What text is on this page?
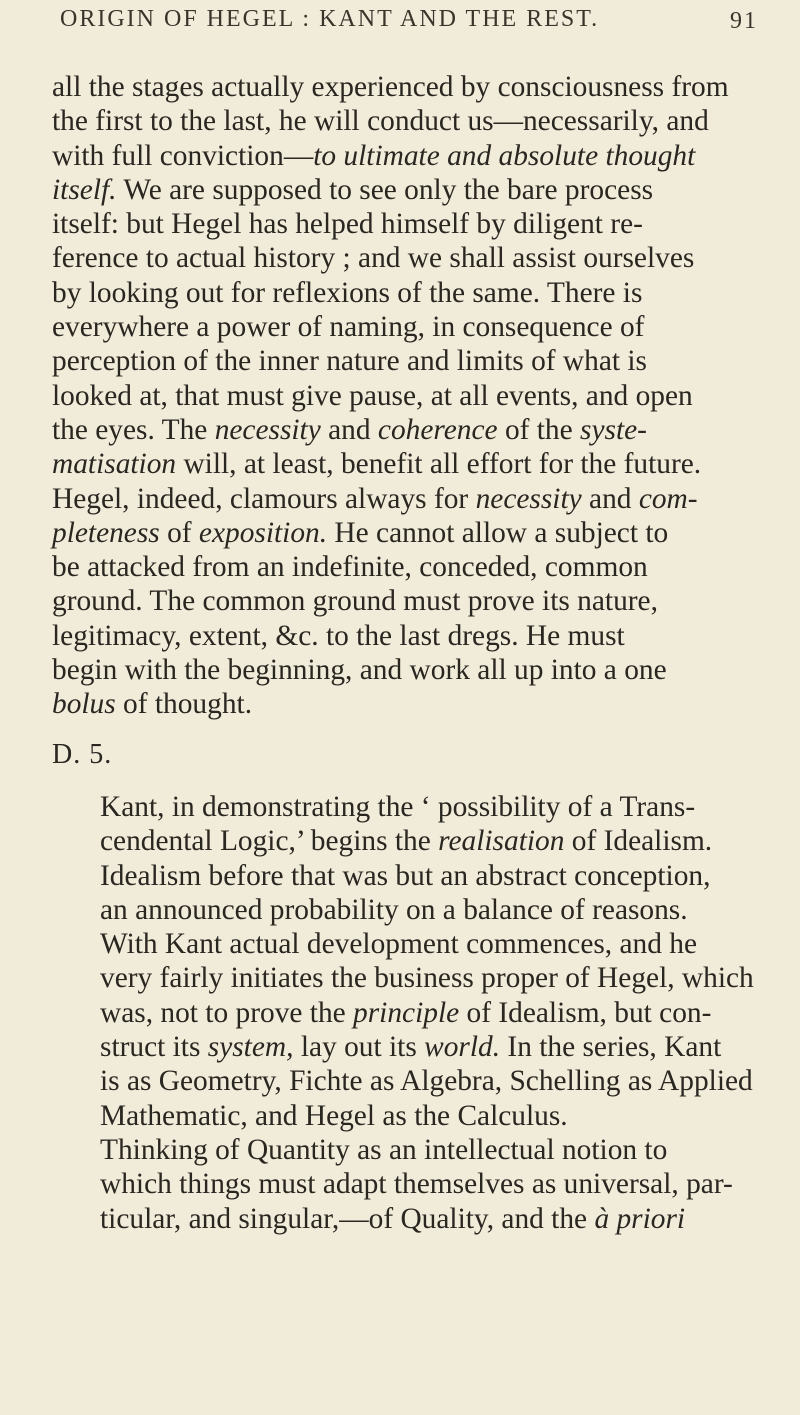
ORIGIN OF HEGEL : KANT AND THE REST.	91

all the stages actually experienced by consciousness from
the first to the last, he will conduct us—necessarily, and
with full conviction—to ultimate and absolute thought
itself. We are supposed to see only the bare process
itself: but Hegel has helped himself by diligent re-
ference to actual history ; and we shall assist ourselves
by looking out for reflexions of the same. There is
everywhere a power of naming, in consequence of
perception of the inner nature and limits of what is
looked at, that must give pause, at all events, and open
the eyes. The necessity and coherence of the syste-
matisation will, at least, benefit all effort for the future.
Hegel, indeed, clamours always for necessity and com-
pleteness of exposition. He cannot allow a subject to
be attacked from an indefinite, conceded, common
ground. The common ground must prove its nature,
legitimacy, extent, &c. to the last dregs. He must
begin with the beginning, and work all up into a one
bolus of thought.

D. 5.

Kant, in demonstrating the ‘ possibility of a Trans-
cendental Logic,’ begins the realisation of Idealism.
Idealism before that was but an abstract conception,
an announced probability on a balance of reasons.
With Kant actual development commences, and he
very fairly initiates the business proper of Hegel, which
was, not to prove the principle of Idealism, but con-
struct its system, lay out its world. In the series, Kant
is as Geometry, Fichte as Algebra, Schelling as Applied
Mathematic, and Hegel as the Calculus.

Thinking of Quantity as an intellectual notion to
which things must adapt themselves as universal, par-
ticular, and singular,—of Quality, and the à priori
